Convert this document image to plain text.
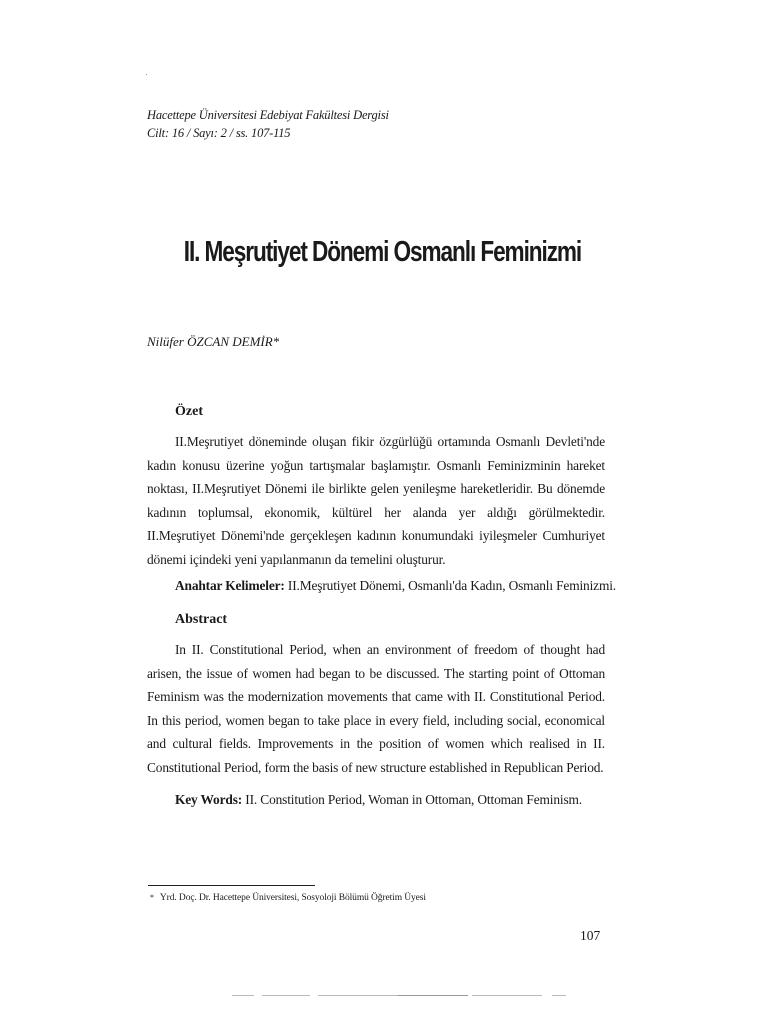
Hacettepe Üniversitesi Edebiyat Fakültesi Dergisi
Cilt: 16 / Sayı: 2 / ss. 107-115
II. Meşrutiyet Dönemi Osmanlı Feminizmi
Nilüfer ÖZCAN DEMİR*
Özet
II.Meşrutiyet döneminde oluşan fikir özgürlüğü ortamında Osmanlı Devleti'nde kadın konusu üzerine yoğun tartışmalar başlamıştır. Osmanlı Feminizminin hareket noktası, II.Meşrutiyet Dönemi ile birlikte gelen yenileşme hareketleridir. Bu dönemde kadının toplumsal, ekonomik, kültürel her alanda yer aldığı görülmektedir. II.Meşrutiyet Dönemi'nde gerçekleşen kadının konumundaki iyileşmeler Cumhuriyet dönemi içindeki yeni yapılanmanın da temelini oluşturur.
Anahtar Kelimeler: II.Meşrutiyet Dönemi, Osmanlı'da Kadın, Osmanlı Feminizmi.
Abstract
In II. Constitutional Period, when an environment of freedom of thought had arisen, the issue of women had began to be discussed. The starting point of Ottoman Feminism was the modernization movements that came with II. Constitutional Period. In this period, women began to take place in every field, including social, economical and cultural fields. Improvements in the position of women which realised in II. Constitutional Period, form the basis of new structure established in Republican Period.
Key Words: II. Constitution Period, Woman in Ottoman, Ottoman Feminism.
* Yrd. Doç. Dr. Hacettepe Üniversitesi, Sosyoloji Bölümü Öğretim Üyesi
107
